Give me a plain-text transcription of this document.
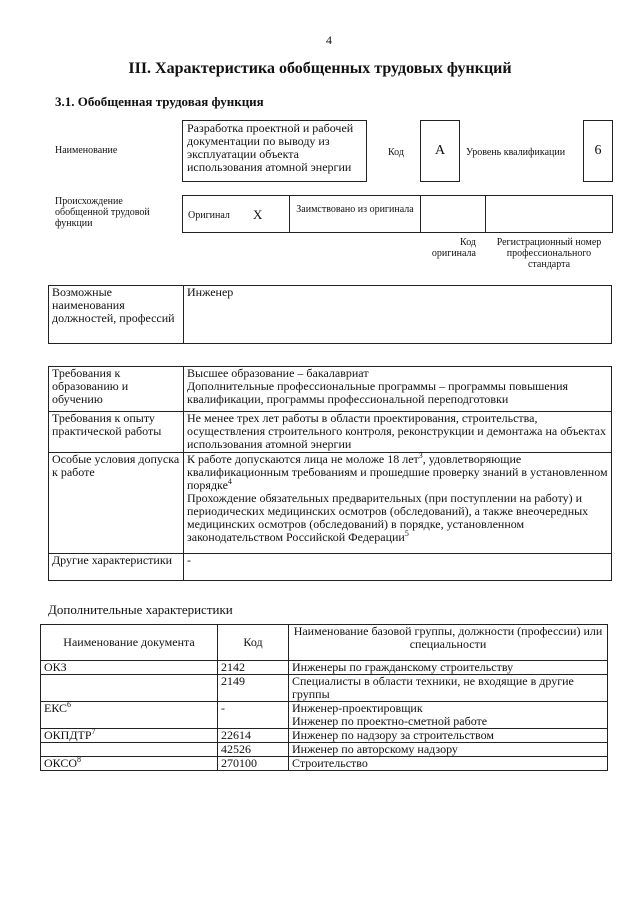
4
III. Характеристика обобщенных трудовых функций
3.1. Обобщенная трудовая функция
Наименование
Разработка проектной и рабочей документации по выводу из эксплуатации объекта использования атомной энергии
Код	A	Уровень квалификации	6
Происхождение обобщенной трудовой функции
Оригинал X	Заимствовано из оригинала
Код оригинала
Регистрационный номер профессионального стандарта
Возможные наименования должностей, профессий	Инженер
Требования к образованию и обучению	Высшее образование – бакалавриат
Дополнительные профессиональные программы – программы повышения квалификации, программы профессиональной переподготовки

Требования к опыту практической работы	Не менее трех лет работы в области проектирования, строительства, осуществления строительного контроля, реконструкции и демонтажа на объектах использования атомной энергии
Особые условия допуска к работе	К работе допускаются лица не моложе 18 лет$^3$, удовлетворяющие квалификационным требованиям и прошедшие проверку знаний в установленном порядке$^4$
Прохождение обязательных предварительных (при поступлении на работу) и периодических медицинских осмотров (обследований), а также внеочередных медицинских осмотров (обследований) в порядке, установленном законодательством Российской Федерации$^5$

Другие характеристики	-
Дополнительные характеристики
Наименование документа	Код	Наименование базовой группы, должности (профессии) или специальности
ОКЗ	2142	Инженеры по гражданскому строительству
	2149	Специалисты в области техники, не входящие в другие группы
ЕКС$^6$	-	Инженер-проектировщик
Инженер по проектно-сметной работе

ОКПДТР$^7$	22614	Инженер по надзору за строительством
	42526	Инженер по авторскому надзору
ОКСО$^8$	270100	Строительство
